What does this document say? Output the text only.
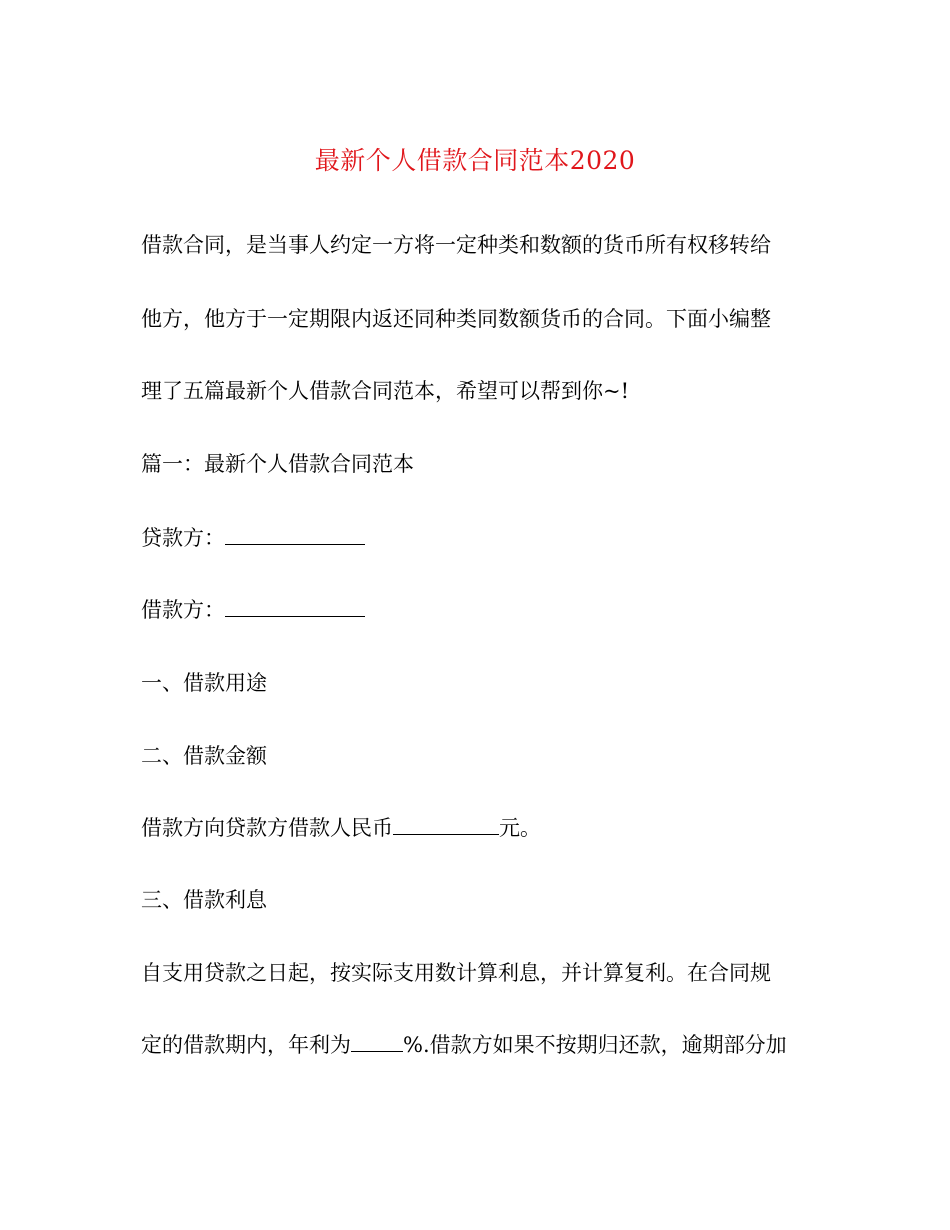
最新个人借款合同范本2020
借款合同，是当事人约定一方将一定种类和数额的货币所有权移转给
他方，他方于一定期限内返还同种类同数额货币的合同。下面小编整
理了五篇最新个人借款合同范本，希望可以帮到你~!
篇一：最新个人借款合同范本
贷款方：
借款方：
一、借款用途
二、借款金额
借款方向贷款方借款人民币	元。
三、借款利息
自支用贷款之日起，按实际支用数计算利息，并计算复利。在合同规
定的借款期内，年利为 %.借款方如果不按期归还款，逾期部分加
